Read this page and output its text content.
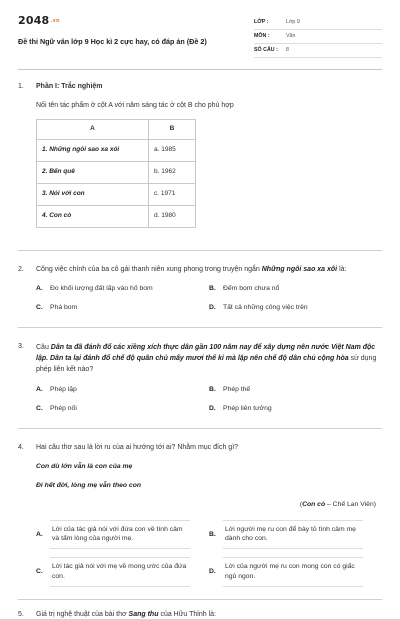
2048.vn
Đề thi Ngữ văn lớp 9 Học kì 2 cực hay, có đáp án (Đề 2)
LỚP :	Lớp 9
MÔN :	Văn
SỐ CÂU :	8
1.	Phần I: Trắc nghiệm
Nối tên tác phẩm ở cột A với năm sáng tác ở cột B cho phù hợp
A	B
1. Những ngôi sao xa xôi	a. 1985
2. Bến quê	b. 1962
3. Nói với con	c. 1971
4. Con cò	d. 1980
2.	Công việc chính của ba cô gái thanh niên xung phong trong truyện ngắn Những ngôi sao xa xôi là:
A.	Đo khối lượng đất lấp vào hố bom	B.	Đếm bom chưa nổ
C.	Phá bom	D.	Tất cả những công việc trên
3.	Câu Dân ta đã đánh đổ các xiềng xích thực dân gần 100 năm nay để xây dựng nên nước Việt Nam độc lập. Dân ta lại đánh đổ chế độ quân chủ mấy mươi thế kỉ mà lập nên chế độ dân chủ cộng hòa sử dụng phép liên kết nào?
A.	Phép lặp	B.	Phép thế
C.	Phép nối	D.	Phép liên tưởng
4.	Hai câu thơ sau là lời ru của ai hướng tới ai? Nhằm mục đích gì?
Con dù lớn vẫn là con của mẹ
Đi hết đời, lòng mẹ vẫn theo con
(Con cò – Chế Lan Viên)
A.
Lời của tác giả nói với đứa con về tình cảm và tấm lòng của người mẹ.
B.
Lời người mẹ ru con để bày tỏ tình cảm mẹ dành cho con.
C.
Lời tác giả nói với mẹ về mong ước của đứa con.
D.
Lời của người mẹ ru con mong con có giấc ngủ ngon.
5.	Giá trị nghệ thuật của bài thơ Sang thu của Hữu Thỉnh là:
